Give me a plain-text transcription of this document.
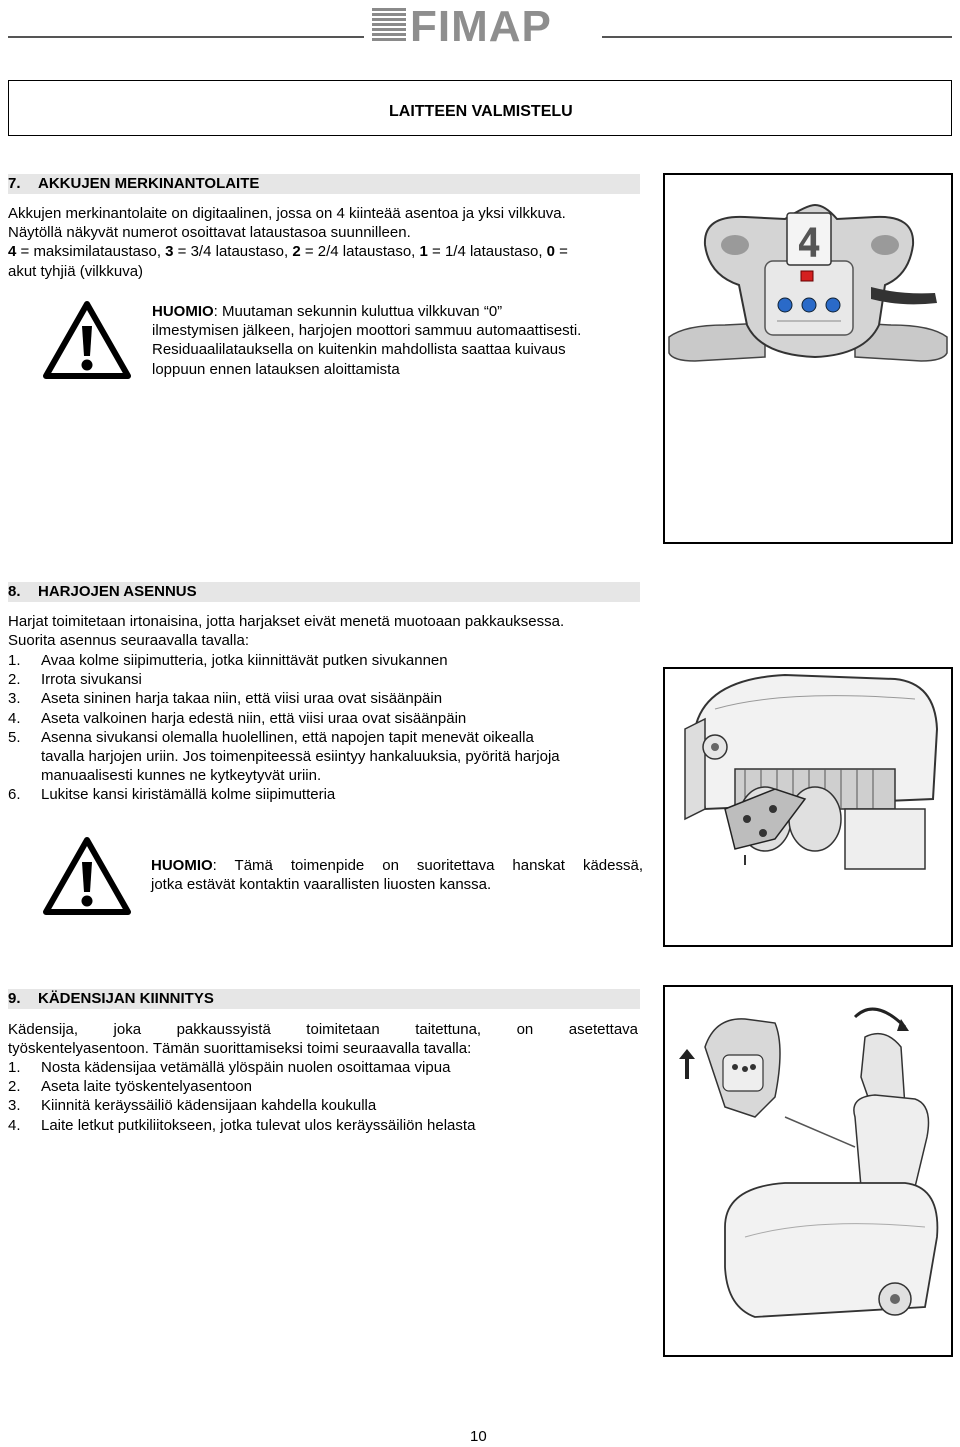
FIMAP
LAITTEEN VALMISTELU
7. AKKUJEN MERKINANTOLAITE
Akkujen merkinantolaite on digitaalinen, jossa on 4 kiinteää asentoa ja yksi vilkkuva.
Näytöllä näkyvät numerot osoittavat lataustasoa suunnilleen.
4 = maksimilataustaso, 3 = 3/4 lataustaso, 2 = 2/4 lataustaso, 1 = 1/4 lataustaso, 0 =
akut tyhjiä (vilkkuva)
HUOMIO: Muutaman sekunnin kuluttua vilkkuvan “0”
ilmestymisen jälkeen, harjojen moottori sammuu automaattisesti.
Residuaalilatauksella on kuitenkin mahdollista saattaa kuivaus
loppuun ennen latauksen aloittamista
4
8. HARJOJEN ASENNUS
Harjat toimitetaan irtonaisina, jotta harjakset eivät menetä muotoaan pakkauksessa.
Suorita asennus seuraavalla tavalla:
1.	Avaa kolme siipimutteria, jotka kiinnittävät putken sivukannen
2.	Irrota sivukansi
3.	Aseta sininen harja takaa niin, että viisi uraa ovat sisäänpäin
4.	Aseta valkoinen harja edestä niin, että viisi uraa ovat sisäänpäin
5.	Asenna sivukansi olemalla huolellinen, että napojen tapit menevät oikealla
tavalla harjojen uriin. Jos toimenpiteessä esiintyy hankaluuksia, pyöritä harjoja
manuaalisesti kunnes ne kytkeytyvät uriin.
6.	Lukitse kansi kiristämällä kolme siipimutteria
HUOMIO: Tämä toimenpide on suoritettava hanskat kädessä,
jotka estävät kontaktin vaarallisten liuosten kanssa.
9. KÄDENSIJAN KIINNITYS
Kädensija, joka pakkaussyistä toimitetaan taitettuna, on asetettava
työskentelyasentoon. Tämän suorittamiseksi toimi seuraavalla tavalla:
1.	Nosta kädensijaa vetämällä ylöspäin nuolen osoittamaa vipua
2.	Aseta laite työskentelyasentoon
3.	Kiinnitä keräyssäiliö kädensijaan kahdella koukulla
4.	Laite letkut putkiliitokseen, jotka tulevat ulos keräyssäiliön helasta
10
